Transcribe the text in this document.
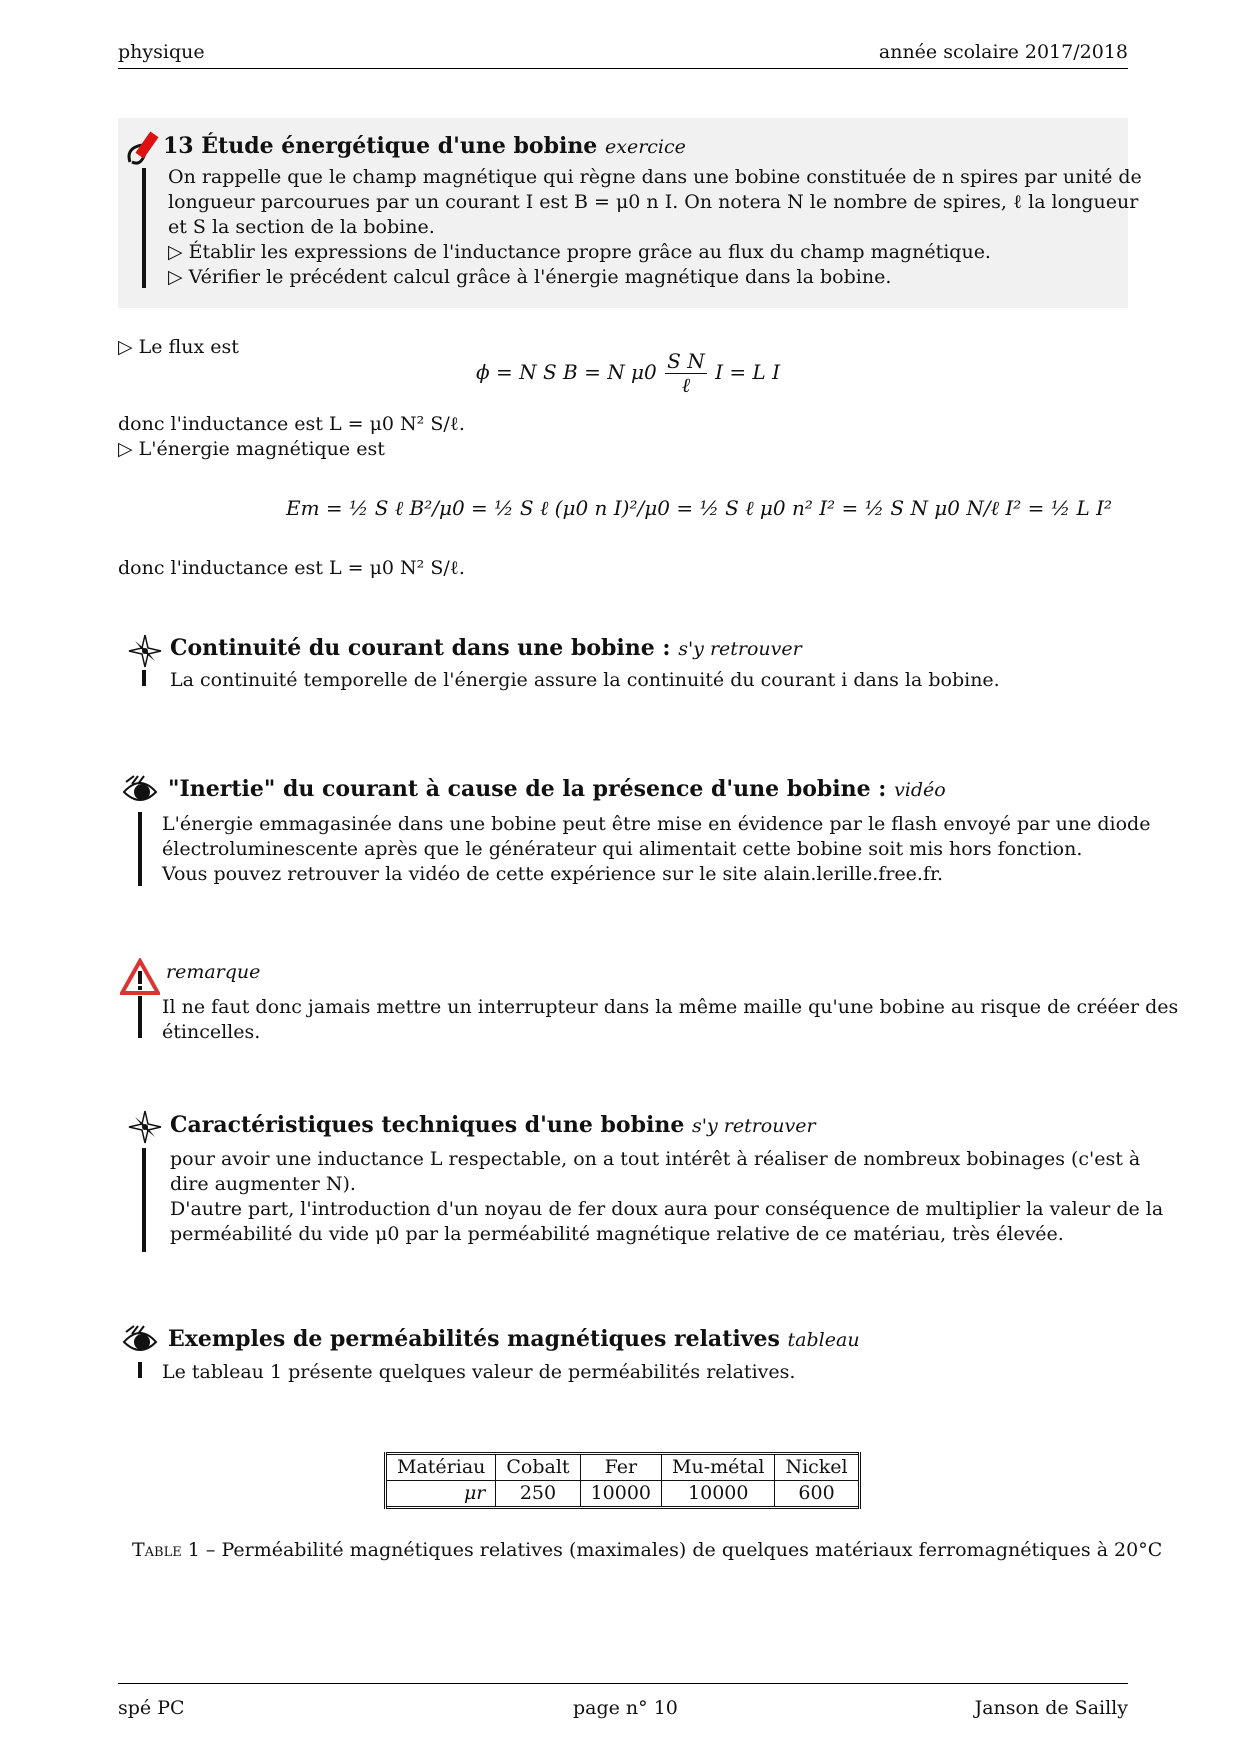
physique	année scolaire 2017/2018
13 Étude énergétique d'une bobine exercice
On rappelle que le champ magnétique qui règne dans une bobine constituée de n spires par unité de
longueur parcourues par un courant I est B = μ0 n I. On notera N le nombre de spires, ℓ la longueur
et S la section de la bobine.
▷ Établir les expressions de l'inductance propre grâce au flux du champ magnétique.
▷ Vérifier le précédent calcul grâce à l'énergie magnétique dans la bobine.
▷ Le flux est
ϕ = N S B = N $\mu 0 \frac{\text{S N}}{\text{ℓ}}$ I = L I
donc l'inductance est L = μ0 N² S/ℓ.
▷ L'énergie magnétique est
Em = ½ S ℓ B²/μ0 = ½ S ℓ (μ0 n I)²/μ0 = ½ S ℓ μ0 n² I² = ½ S N μ0 N/ℓ I² = ½ L I²
donc l'inductance est L = μ0 N² S/ℓ.
Continuité du courant dans une bobine : s'y retrouver
La continuité temporelle de l'énergie assure la continuité du courant i dans la bobine.
"Inertie" du courant à cause de la présence d'une bobine : vidéo
L'énergie emmagasinée dans une bobine peut être mise en évidence par le flash envoyé par une diode
électroluminescente après que le générateur qui alimentait cette bobine soit mis hors fonction.
Vous pouvez retrouver la vidéo de cette expérience sur le site alain.lerille.free.fr.
remarque
Il ne faut donc jamais mettre un interrupteur dans la même maille qu'une bobine au risque de crééer des
étincelles.
Caractéristiques techniques d'une bobine s'y retrouver
pour avoir une inductance L respectable, on a tout intérêt à réaliser de nombreux bobinages (c'est à
dire augmenter N).
D'autre part, l'introduction d'un noyau de fer doux aura pour conséquence de multiplier la valeur de la
perméabilité du vide μ0 par la perméabilité magnétique relative de ce matériau, très élevée.
Exemples de perméabilités magnétiques relatives tableau
Le tableau 1 présente quelques valeur de perméabilités relatives.
Matériau	Cobalt	Fer	Mu-métal	Nickel
μr	250	10000	10000	600
Table 1 – Perméabilité magnétiques relatives (maximales) de quelques matériaux ferromagnétiques à 20°C
spé PC	page n° 10	Janson de Sailly
